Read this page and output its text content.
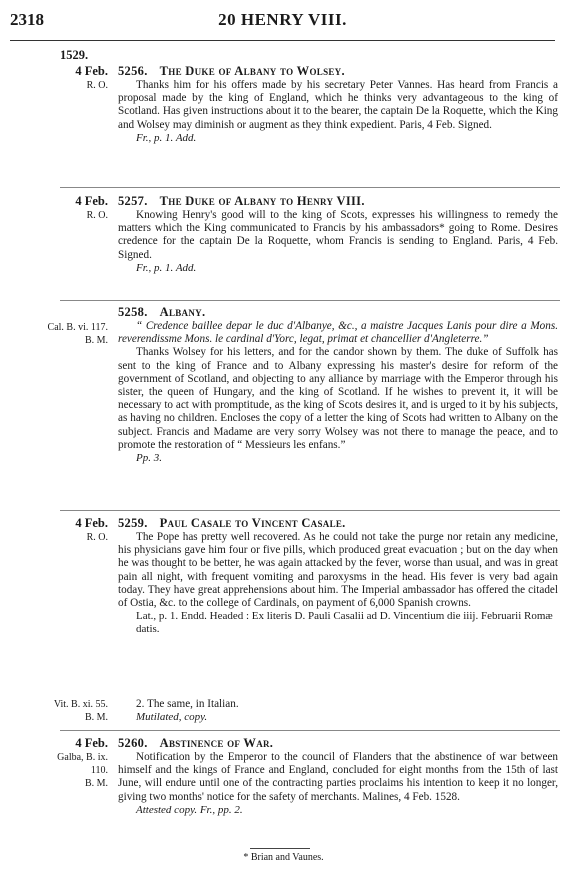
2318	20 HENRY VIII.
1529.
4 Feb.
R. O.
5256. The Duke of Albany to Wolsey.

Thanks him for his offers made by his secretary Peter Vannes. Has heard from Francis a proposal made by the king of England, which he thinks very advantageous to the king of Scotland. Has given instructions about it to the bearer, the captain De la Roquette, which the King and Wolsey may diminish or augment as they think expedient. Paris, 4 Feb. Signed.

Fr., p. 1. Add.

4 Feb.
R. O.
5257. The Duke of Albany to Henry VIII.

Knowing Henry's good will to the king of Scots, expresses his willingness to remedy the matters which the King communicated to Francis by his ambassadors* going to Rome. Desires credence for the captain De la Roquette, whom Francis is sending to England. Paris, 4 Feb. Signed.

Fr., p. 1. Add.

Cal. B. vi. 117.
B. M.
5258. Albany.

“ Credence baillee depar le duc d'Albanye, &c., a maistre Jacques Lanis pour dire a Mons. reverendissme Mons. le cardinal d'Yorc, legat, primat et chancellier d'Angleterre.”

Thanks Wolsey for his letters, and for the candor shown by them. The duke of Suffolk has sent to the king of France and to Albany expressing his master's desire for reform of the government of Scotland, and objecting to any alliance by marriage with the Emperor through his sister, the queen of Hungary, and the king of Scotland. If he wishes to prevent it, it will be necessary to act with promptitude, as the king of Scots desires it, and is urged to it by his subjects, as having no children. Encloses the copy of a letter the king of Scots had written to Albany on the subject. Francis and Madame are very sorry Wolsey was not there to manage the peace, and to promote the restoration of “ Messieurs les enfans.”

Pp. 3.

4 Feb.
R. O.
5259. Paul Casale to Vincent Casale.

The Pope has pretty well recovered. As he could not take the purge nor retain any medicine, his physicians gave him four or five pills, which produced great evacuation ; but on the day when he was thought to be better, he was again attacked by the fever, worse than usual, and was in great pain all night, with frequent vomiting and paroxysms in the head. His fever is very bad again today. They have great apprehensions about him. The Imperial ambassador has offered the citadel of Ostia, &c. to the college of Cardinals, on payment of 6,000 Spanish crowns.

Lat., p. 1. Endd. Headed : Ex literis D. Pauli Casalii ad D. Vincentium die iiij. Februarii Romæ datis.

Vit. B. xi. 55.
B. M.

2. The same, in Italian.

Mutilated, copy.

4 Feb.
Galba, B. ix.
110.
B. M.
5260. Abstinence of War.

Notification by the Emperor to the council of Flanders that the abstinence of war between himself and the kings of France and England, concluded for eight months from the 15th of last June, will endure until one of the contracting parties proclaims his intention to keep it no longer, giving two months' notice for the safety of merchants. Malines, 4 Feb. 1528.

Attested copy. Fr., pp. 2.

* Brian and Vaunes.
